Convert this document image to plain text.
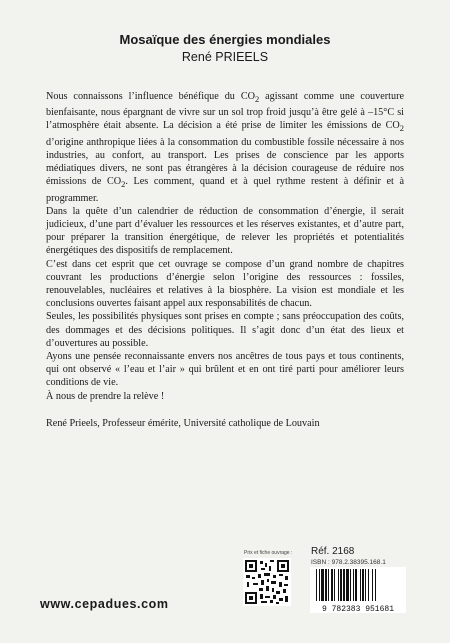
Mosaïque des énergies mondiales
René PRIEELS

Nous connaissons l’influence bénéfique du $CO_2$ agissant comme une couverture bienfaisante, nous épargnant de vivre sur un sol trop froid jusqu’à être gelé à –15°C si l’atmosphère était absente. La décision a été prise de limiter les émissions de $CO_2$ d’origine anthropique liées à la consommation du combustible fossile nécessaire à nos industries, au confort, au transport. Les prises de conscience par les apports médiatiques divers, ne sont pas étrangères à la décision courageuse de réduire nos émissions de $CO_2$. Les comment, quand et à quel rythme restent à définir et à programmer.

Dans la quête d’un calendrier de réduction de consommation d’énergie, il serait judicieux, d’une part d’évaluer les ressources et les réserves existantes, et d’autre part, pour préparer la transition énergétique, de relever les propriétés et potentialités énergétiques des dispositifs de remplacement.

C’est dans cet esprit que cet ouvrage se compose d’un grand nombre de chapitres couvrant les productions d’énergie selon l’origine des ressources : fossiles, renouvelables, nucléaires et relatives à la biosphère. La vision est mondiale et les conclusions ouvertes faisant appel aux responsabilités de chacun.

Seules, les possibilités physiques sont prises en compte ; sans préoccupation des coûts, des dommages et des décisions politiques. Il s’agit donc d’un état des lieux et d’ouvertures au possible.

Ayons une pensée reconnaissante envers nos ancêtres de tous pays et tous continents, qui ont observé « l’eau et l’air » qui brûlent et en ont tiré parti pour améliorer leurs conditions de vie.

À nous de prendre la relève !

René Prieels, Professeur émérite, Université catholique de Louvain

Prix et fiche ouvrage : Réf. 2168
ISBN : 978.2.38395.168.1
9 782383 951681
www.cepadues.com
